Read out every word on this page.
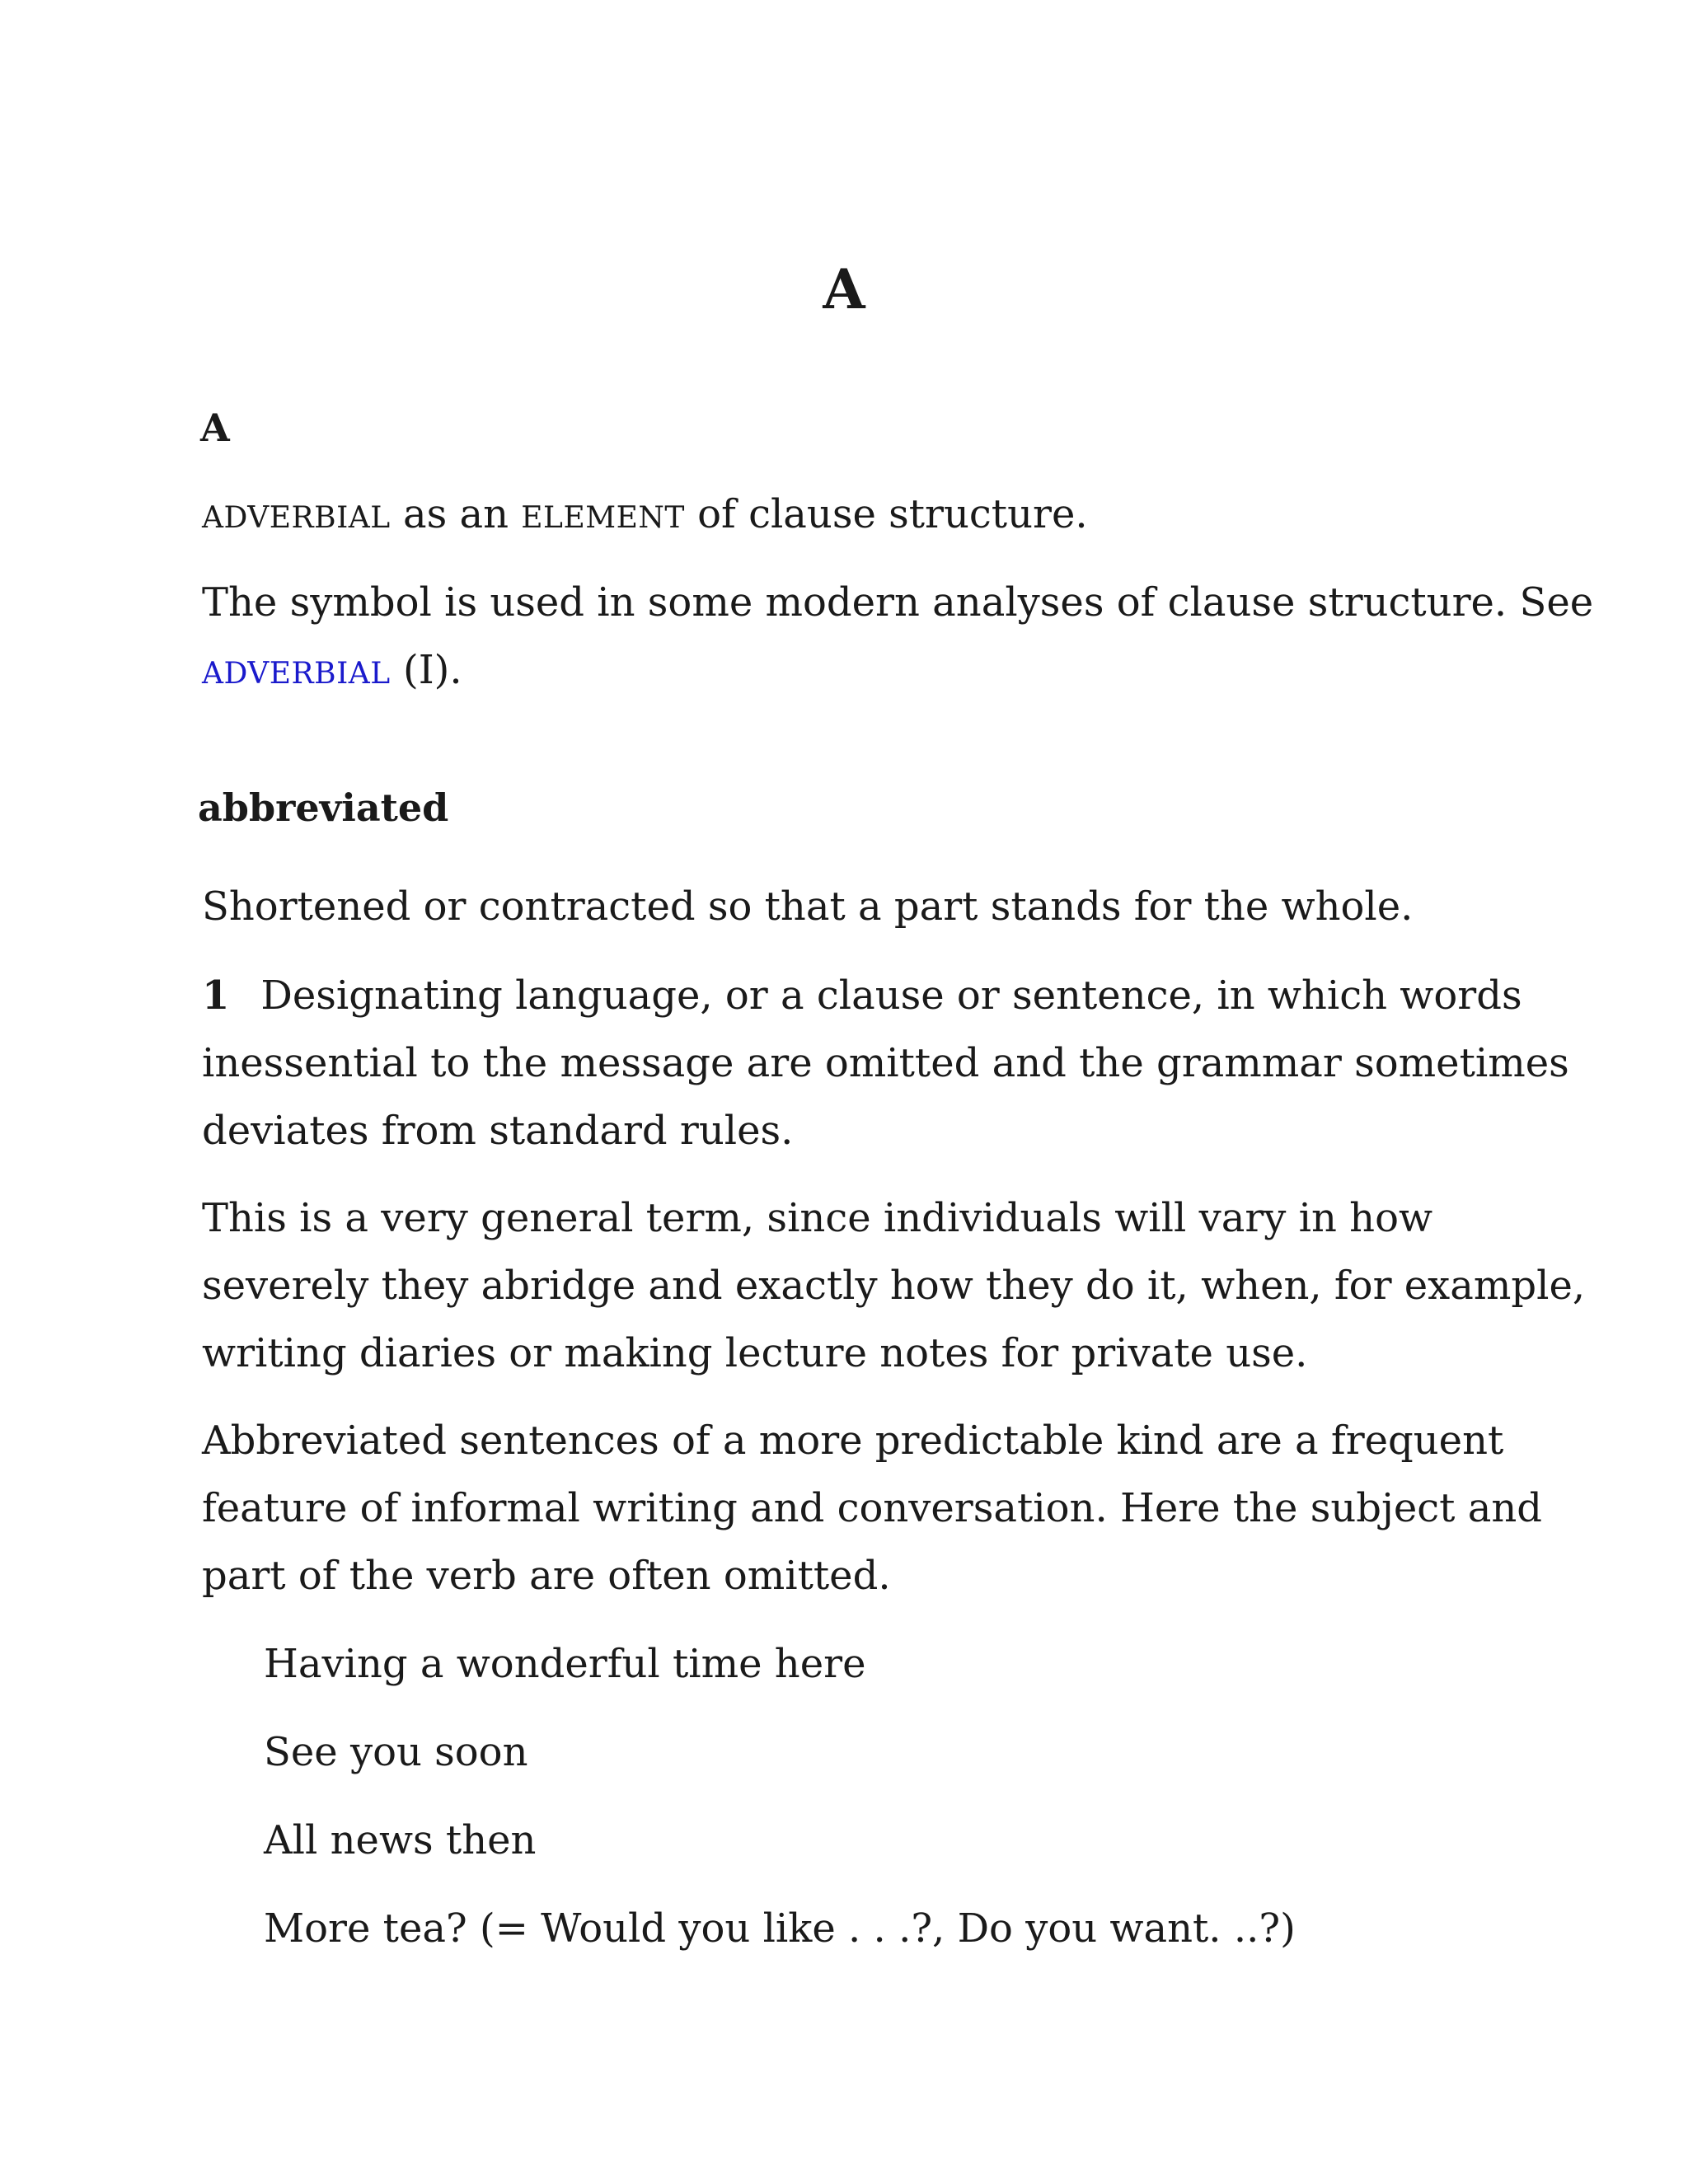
A
A

ADVERBIAL as an ELEMENT of clause structure.

The symbol is used in some modern analyses of clause structure. See
ADVERBIAL (I).

abbreviated

Shortened or contracted so that a part stands for the whole.

1 Designating language, or a clause or sentence, in which words
inessential to the message are omitted and the grammar sometimes
deviates from standard rules.

This is a very general term, since individuals will vary in how
severely they abridge and exactly how they do it, when, for example,
writing diaries or making lecture notes for private use.

Abbreviated sentences of a more predictable kind are a frequent
feature of informal writing and conversation. Here the subject and
part of the verb are often omitted.

Having a wonderful time here

See you soon

All news then

More tea? (= Would you like . . .?, Do you want. ..?)
